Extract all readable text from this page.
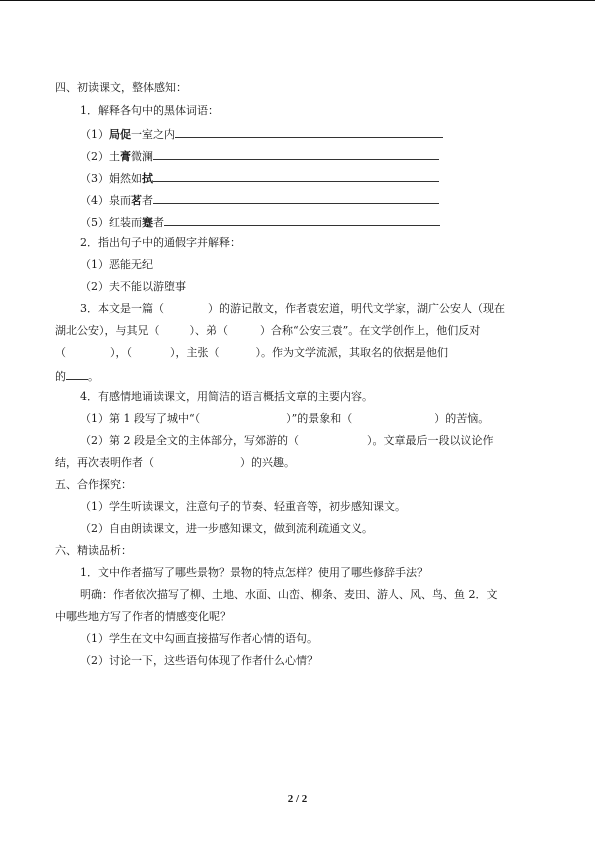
四、初读课文，整体感知：
1．解释各句中的黑体词语：
（1）局促一室之内
（2）土膏微澜
（3）娟然如拭
（4）泉而茗者
（5）红装而蹇者
2．指出句子中的通假字并解释：
（1）恶能无纪
（2）夫不能以游堕事
3．本文是一篇（	）的游记散文，作者袁宏道，明代文学家，湖广公安人（现在
湖北公安），与其兄（	）、弟（	）合称“公安三袁”。在文学创作上，他们反对
（	），（	），主张（	）。作为文学流派，其取名的依据是他们
的 。
4．有感情地诵读课文，用简洁的语言概括文章的主要内容。
（1）第 1 段写了城中“（	）”的景象和（	）的苦恼。
（2）第 2 段是全文的主体部分，写郊游的（	）。文章最后一段以议论作
结，再次表明作者（	）的兴趣。
五、合作探究：
（1）学生听读课文，注意句子的节奏、轻重音等，初步感知课文。
（2）自由朗读课文，进一步感知课文，做到流利疏通文义。
六、精读品析：
1．文中作者描写了哪些景物？景物的特点怎样？使用了哪些修辞手法？
明确：作者依次描写了柳、土地、水面、山峦、柳条、麦田、游人、风、鸟、鱼 2．文
中哪些地方写了作者的情感变化呢？
（1）学生在文中勾画直接描写作者心情的语句。
（2）讨论一下，这些语句体现了作者什么心情？
2 / 2
